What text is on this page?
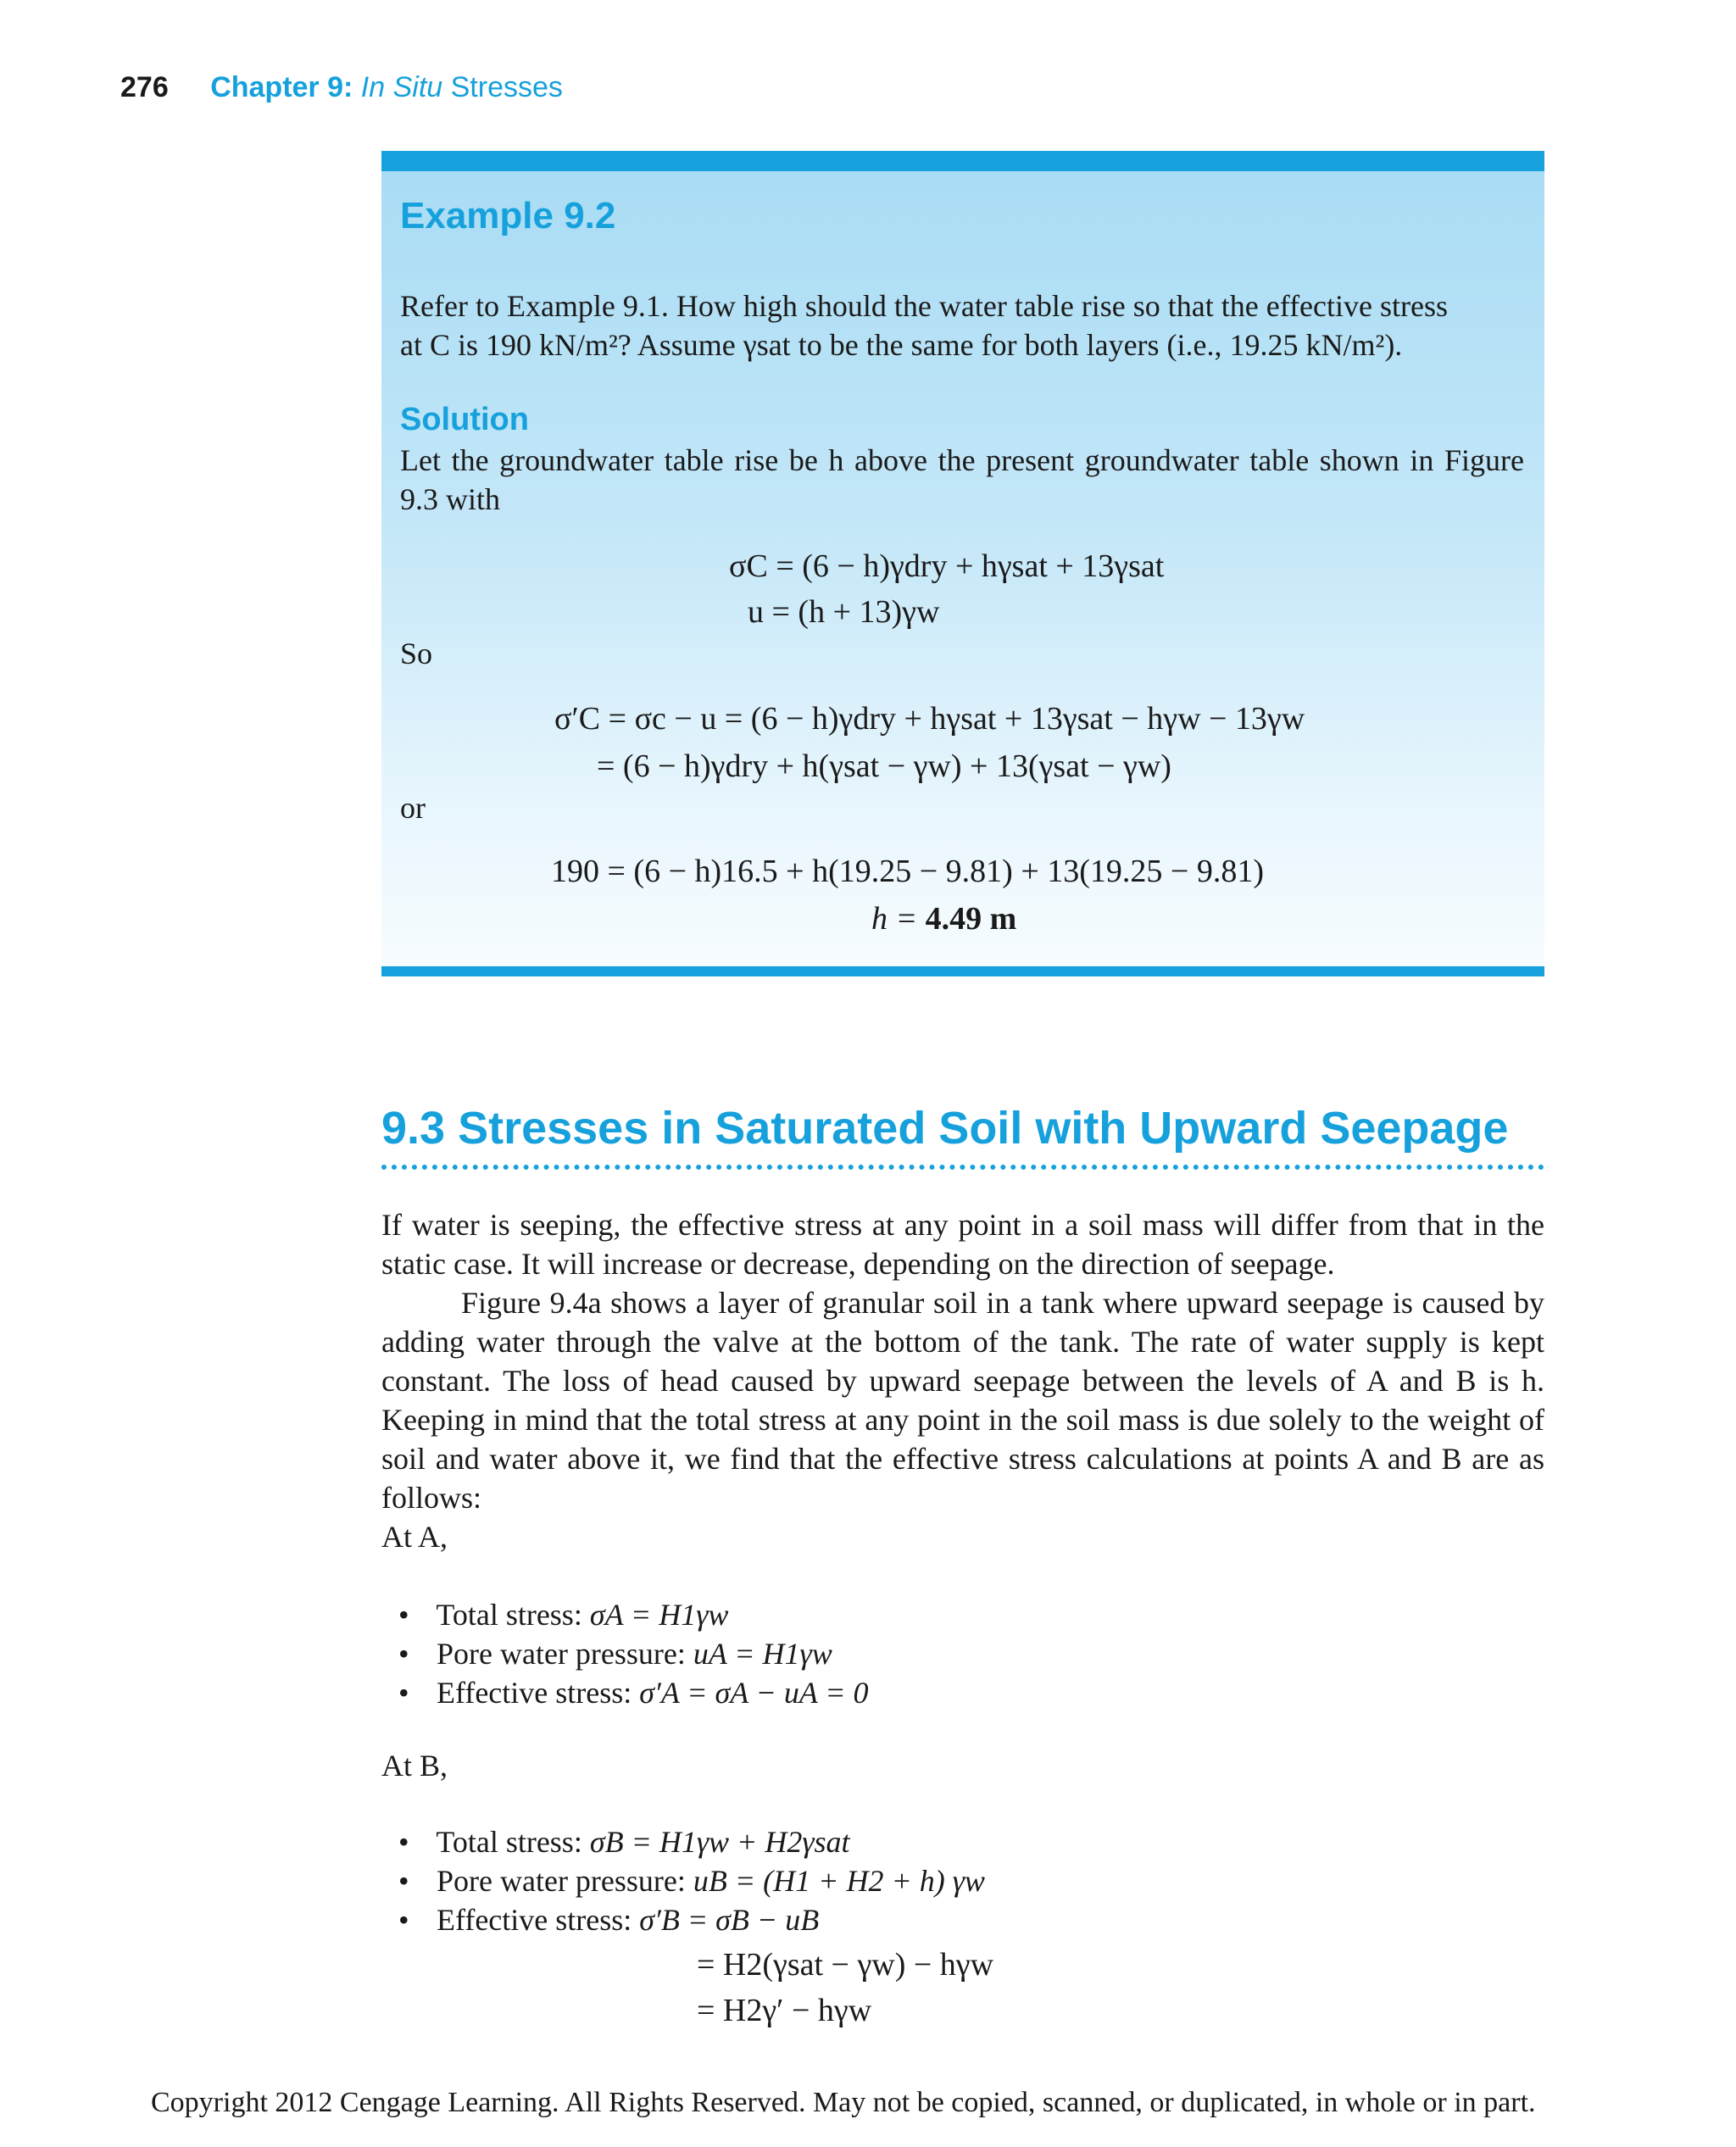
276 Chapter 9: In Situ Stresses
Example 9.2
Refer to Example 9.1. How high should the water table rise so that the effective stress
at C is 190 kN/m²? Assume γsat to be the same for both layers (i.e., 19.25 kN/m²).
Solution
Let the groundwater table rise be h above the present groundwater table shown in Figure 9.3 with
σC = (6 − h)γdry + hγsat + 13γsat
u = (h + 13)γw
So
σ′C = σc − u = (6 − h)γdry + hγsat + 13γsat − hγw − 13γw
= (6 − h)γdry + h(γsat − γw) + 13(γsat − γw)
or
190 = (6 − h)16.5 + h(19.25 − 9.81) + 13(19.25 − 9.81)
h = 4.49 m
9.3 Stresses in Saturated Soil with Upward Seepage

If water is seeping, the effective stress at any point in a soil mass will differ from that in the static case. It will increase or decrease, depending on the direction of seepage.

Figure 9.4a shows a layer of granular soil in a tank where upward seepage is caused by adding water through the valve at the bottom of the tank. The rate of water supply is kept constant. The loss of head caused by upward seepage between the levels of A and B is h. Keeping in mind that the total stress at any point in the soil mass is due solely to the weight of soil and water above it, we find that the effective stress calculations at points A and B are as follows:

At A,

• Total stress: σA = H1γw
• Pore water pressure: uA = H1γw
• Effective stress: σ′A = σA − uA = 0
At B,
• Total stress: σB = H1γw + H2γsat
• Pore water pressure: uB = (H1 + H2 + h) γw
• Effective stress: σ′B = σB − uB
= H2(γsat − γw) − hγw
= H2γ′ − hγw
Copyright 2012 Cengage Learning. All Rights Reserved. May not be copied, scanned, or duplicated, in whole or in part.
